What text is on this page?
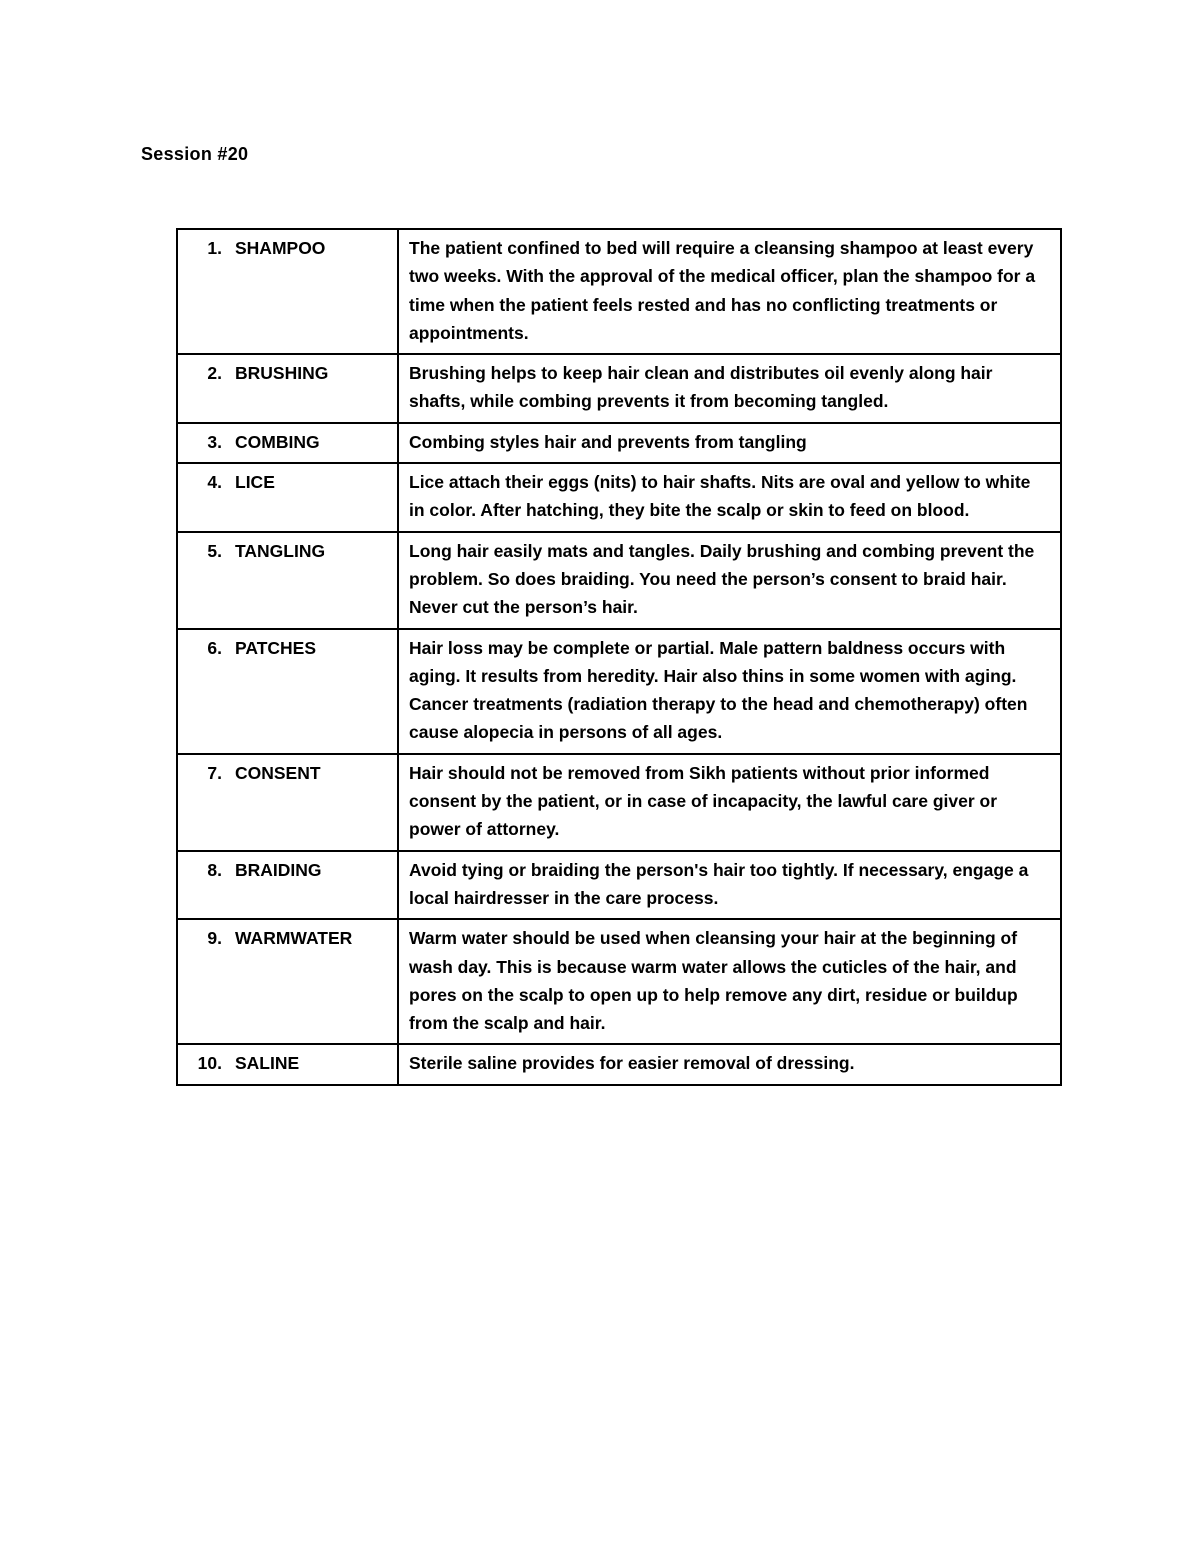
Session #20
1. SHAMPOO	The patient confined to bed will require a cleansing shampoo at least every two weeks. With the approval of the medical officer, plan the shampoo for a time when the patient feels rested and has no conflicting treatments or appointments.
2. BRUSHING	Brushing helps to keep hair clean and distributes oil evenly along hair shafts, while combing prevents it from becoming tangled.
3. COMBING	Combing styles hair and prevents from tangling
4. LICE	Lice attach their eggs (nits) to hair shafts. Nits are oval and yellow to white in color. After hatching, they bite the scalp or skin to feed on blood.
5. TANGLING	Long hair easily mats and tangles. Daily brushing and combing prevent the problem. So does braiding. You need the person’s consent to braid hair. Never cut the person’s hair.
6. PATCHES	Hair loss may be complete or partial. Male pattern baldness occurs with aging. It results from heredity. Hair also thins in some women with aging. Cancer treatments (radiation therapy to the head and chemotherapy) often cause alopecia in persons of all ages.
7. CONSENT	Hair should not be removed from Sikh patients without prior informed consent by the patient, or in case of incapacity, the lawful care giver or power of attorney.
8. BRAIDING	Avoid tying or braiding the person's hair too tightly. If necessary, engage a local hairdresser in the care process.
9. WARMWATER	Warm water should be used when cleansing your hair at the beginning of wash day. This is because warm water allows the cuticles of the hair, and pores on the scalp to open up to help remove any dirt, residue or buildup from the scalp and hair.
10. SALINE	Sterile saline provides for easier removal of dressing.
